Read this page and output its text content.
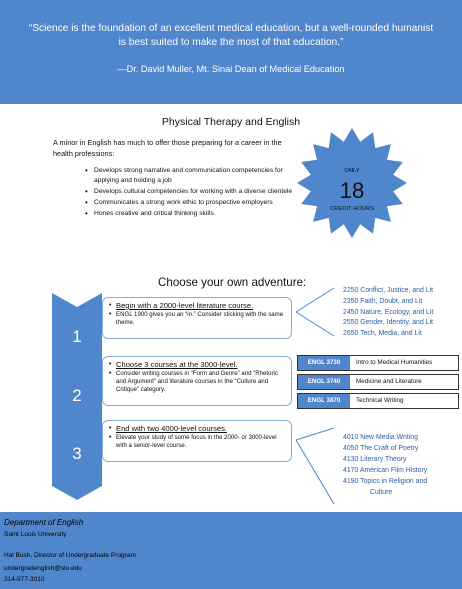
“Science is the foundation of an excellent medical education, but a well-rounded humanist is best suited to make the most of that education.”
—Dr. David Muller, Mt. Sinai Dean of Medical Education
Physical Therapy and English
A minor in English has much to offer those preparing for a career in the health professions:
• Develops strong narrative and communication competencies for applying and holding a job
• Develops cultural competencies for working with a diverse clientele
• Communicates a strong work ethic to prospective employers
• Hones creative and critical thinking skills
ONLY
18
CREDIT HOURS
Choose your own adventure:
1
• Begin with a 2000-level literature course.
• ENGL 1900 gives you an “in.” Consider sticking with the same theme.
2
• Choose 3 courses at the 3000-level.
• Consider writing courses in “Form and Genre” and “Rhetoric and Argument” and literature courses in the “Culture and Critique” category.
3
• End with two 4000-level courses.
• Elevate your study of some focus in the 2000- or 3000-level with a senior-level course.
2250 Conflict, Justice, and Lit
2350 Faith, Doubt, and Lit
2450 Nature, Ecology, and Lit
2550 Gender, Identity, and Lit
2650 Tech, Media, and Lit
ENGL 3730	Intro to Medical Humanities
ENGL 3740	Medicine and Literature
ENGL 3870	Technical Writing
4010 New Media Writing
4050 The Craft of Poetry
4130 Literary Theory
4170 American Film History
4190 Topics in Religion and
Culture
Department of English
Saint Louis University
Hal Bush, Director of Undergraduate Program
undergradenglish@slu.edu
314-977-3010
